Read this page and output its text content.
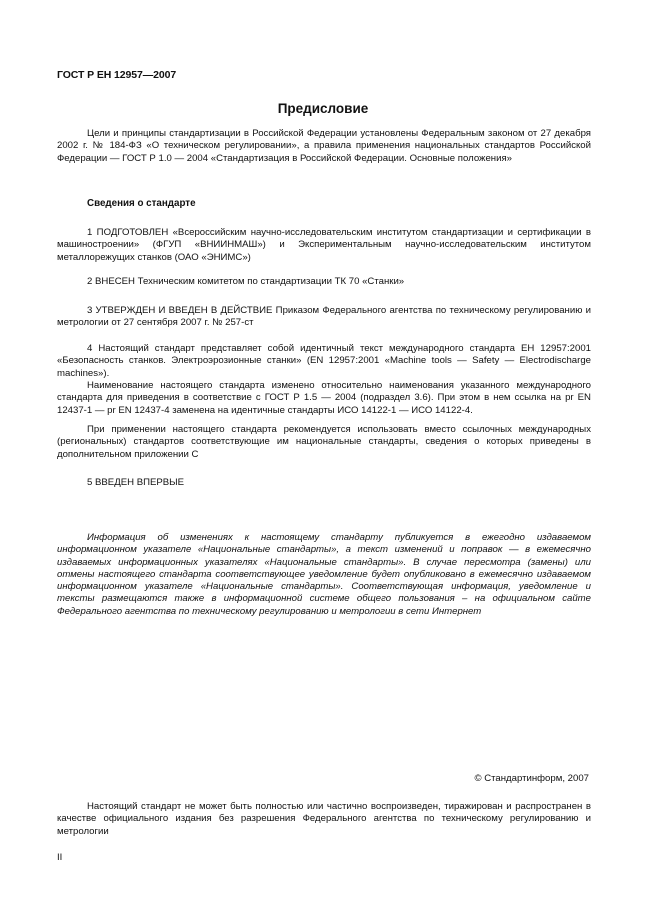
ГОСТ Р ЕН 12957—2007
Предисловие

Цели и принципы стандартизации в Российской Федерации установлены Федеральным законом от 27 декабря 2002 г. № 184-ФЗ «О техническом регулировании», а правила применения национальных стандартов Российской Федерации — ГОСТ Р 1.0 — 2004 «Стандартизация в Российской Федерации. Основные положения»

Сведения о стандарте

1 ПОДГОТОВЛЕН «Всероссийским научно-исследовательским институтом стандартизации и сертификации в машиностроении» (ФГУП «ВНИИНМАШ») и Экспериментальным научно-исследовательским институтом металлорежущих станков (ОАО «ЭНИМС»)

2 ВНЕСЕН Техническим комитетом по стандартизации ТК 70 «Станки»

3 УТВЕРЖДЕН И ВВЕДЕН В ДЕЙСТВИЕ Приказом Федерального агентства по техническому регулированию и метрологии от 27 сентября 2007 г. № 257-ст

4 Настоящий стандарт представляет собой идентичный текст международного стандарта ЕН 12957:2001 «Безопасность станков. Электроэрозионные станки» (EN 12957:2001 «Machine tools — Safety — Electrodischarge machines»).

Наименование настоящего стандарта изменено относительно наименования указанного международного стандарта для приведения в соответствие с ГОСТ Р 1.5 — 2004 (подраздел 3.6). При этом в нем ссылка на pr EN 12437-1 — pr EN 12437-4 заменена на идентичные стандарты ИСО 14122-1 — ИСО 14122-4.

При применении настоящего стандарта рекомендуется использовать вместо ссылочных международных (региональных) стандартов соответствующие им национальные стандарты, сведения о которых приведены в дополнительном приложении С

5 ВВЕДЕН ВПЕРВЫЕ

Информация об изменениях к настоящему стандарту публикуется в ежегодно издаваемом информационном указателе «Национальные стандарты», а текст изменений и поправок — в ежемесячно издаваемых информационных указателях «Национальные стандарты». В случае пересмотра (замены) или отмены настоящего стандарта соответствующее уведомление будет опубликовано в ежемесячно издаваемом информационном указателе «Национальные стандарты». Соответствующая информация, уведомление и тексты размещаются также в информационной системе общего пользования – на официальном сайте Федерального агентства по техническому регулированию и метрологии в сети Интернет

© Стандартинформ, 2007

Настоящий стандарт не может быть полностью или частично воспроизведен, тиражирован и распространен в качестве официального издания без разрешения Федерального агентства по техническому регулированию и метрологии

II
